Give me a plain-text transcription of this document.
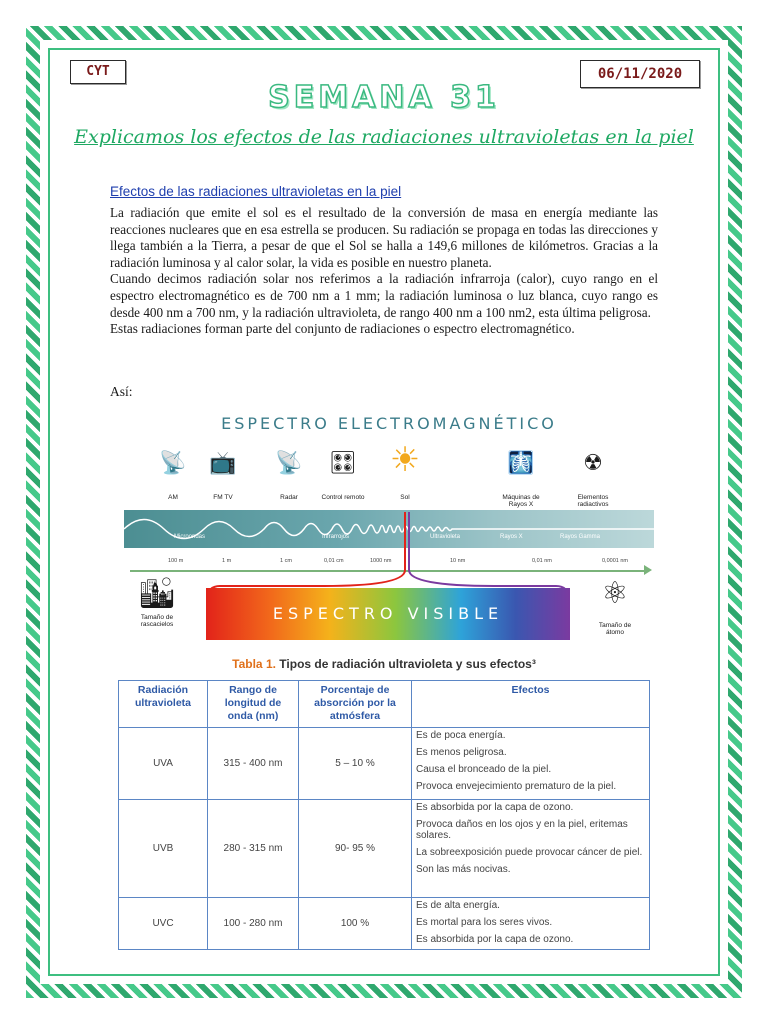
CYT	06/11/2020
SEMANA 31
Explicamos los efectos de las radiaciones ultravioletas en la piel
Efectos de las radiaciones ultravioletas en la piel

La radiación que emite el sol es el resultado de la conversión de masa en energía mediante las reacciones nucleares que en esa estrella se producen. Su radiación se propaga en todas las direcciones y llega también a la Tierra, a pesar de que el Sol se halla a 149,6 millones de kilómetros. Gracias a la radiación luminosa y al calor solar, la vida es posible en nuestro planeta.

Cuando decimos radiación solar nos referimos a la radiación infrarroja (calor), cuyo rango en el espectro electromagnético es de 700 nm a 1 mm; la radiación luminosa o luz blanca, cuyo rango es desde 400 nm a 700 nm, y la radiación ultravioleta, de rango 400 nm a 100 nm2, esta última peligrosa.

Estas radiaciones forman parte del conjunto de radiaciones o espectro electromagnético.

Así:
ESPECTRO ELECTROMAGNÉTICO
📡
AM
📺
FM TV
📡
Radar
🎛
Control remoto
☀
Sol
🩻
Máquinas de Rayos X
☢
Elementos radiactivos
Microondas	Infrarrojos	Ultravioleta	Rayos X	Rayos Gamma
100 m	1 m	1 cm	0,01 cm	1000 nm	10 nm	0,01 nm	0,0001 nm
ESPECTRO VISIBLE
🏙
Tamaño de rascacielos
⚛
Tamaño de átomo
Tabla 1. Tipos de radiación ultravioleta y sus efectos³
Radiación ultravioleta	Rango de longitud de onda (nm)	Porcentaje de absorción por la atmósfera	Efectos
UVA	315 - 400 nm	5 – 10 %	Es de poca energía.
Es menos peligrosa.
Causa el bronceado de la piel.
Provoca envejecimiento prematuro de la piel.

UVB	280 - 315 nm	90- 95 %	Es absorbida por la capa de ozono.
Provoca daños en los ojos y en la piel, eritemas solares.
La sobreexposición puede provocar cáncer de piel.
Son las más nocivas.

UVC	100 - 280 nm	100 %	Es de alta energía.
Es mortal para los seres vivos.
Es absorbida por la capa de ozono.
